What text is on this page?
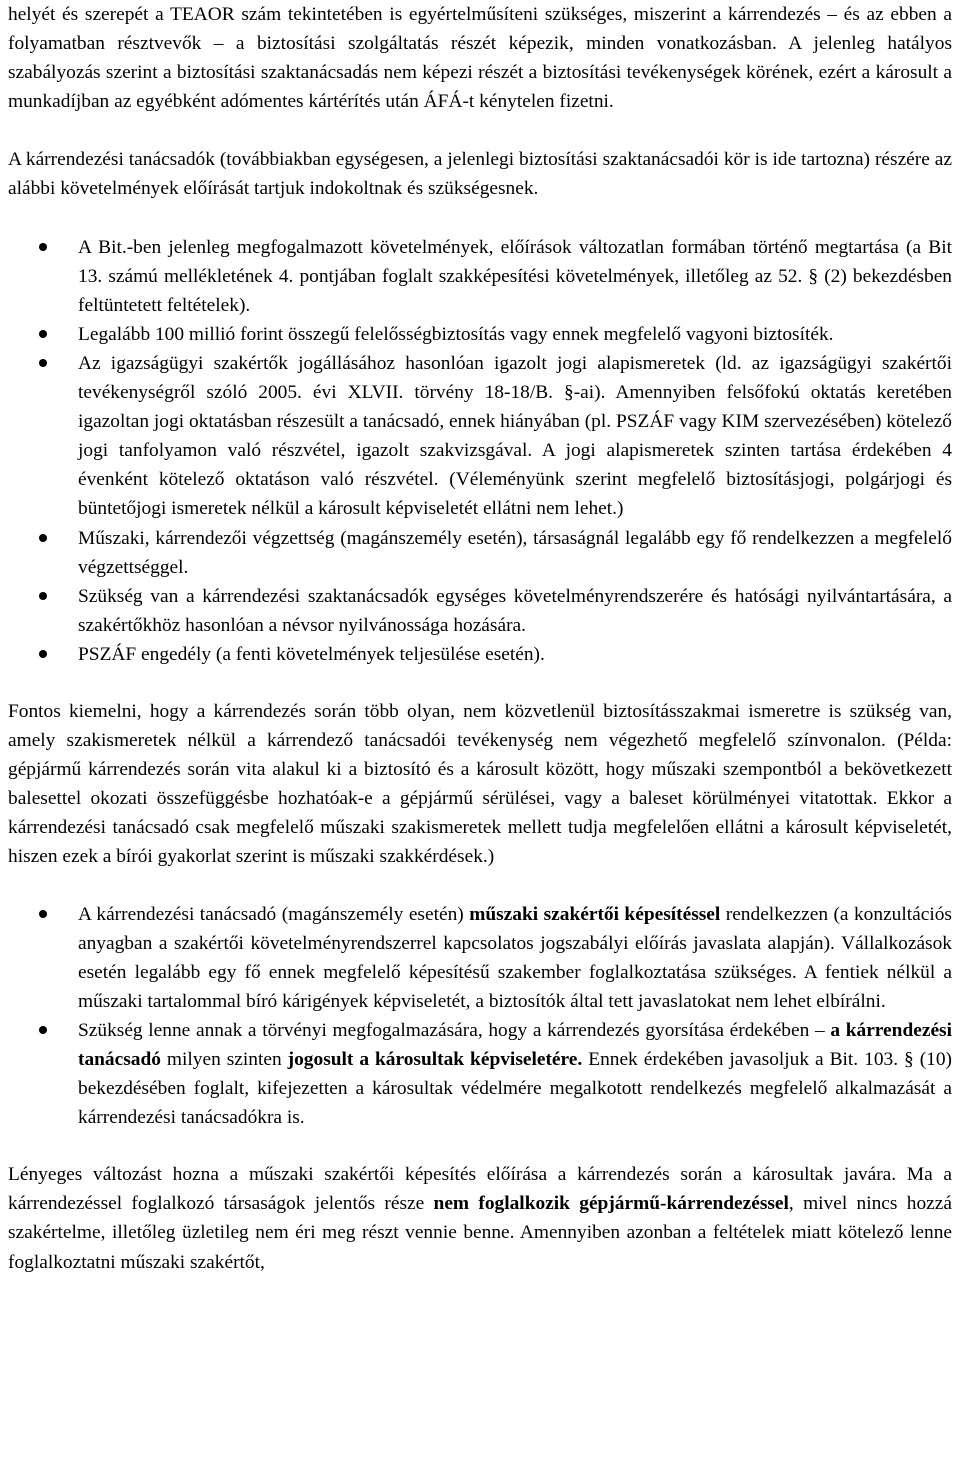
helyét és szerepét a TEAOR szám tekintetében is egyértelműsíteni szükséges, miszerint a kárrendezés – és az ebben a folyamatban résztvevők – a biztosítási szolgáltatás részét képezik, minden vonatkozásban. A jelenleg hatályos szabályozás szerint a biztosítási szaktanácsadás nem képezi részét a biztosítási tevékenységek körének, ezért a károsult a munkadíjban az egyébként adómentes kártérítés után ÁFÁ-t kénytelen fizetni.

A kárrendezési tanácsadók (továbbiakban egységesen, a jelenlegi biztosítási szaktanácsadói kör is ide tartozna) részére az alábbi követelmények előírását tartjuk indokoltnak és szükségesnek.

A Bit.-ben jelenleg megfogalmazott követelmények, előírások változatlan formában történő megtartása (a Bit 13. számú mellékletének 4. pontjában foglalt szakképesítési követelmények, illetőleg az 52. § (2) bekezdésben feltüntetett feltételek).
Legalább 100 millió forint összegű felelősségbiztosítás vagy ennek megfelelő vagyoni biztosíték.
Az igazságügyi szakértők jogállásához hasonlóan igazolt jogi alapismeretek (ld. az igazságügyi szakértői tevékenységről szóló 2005. évi XLVII. törvény 18-18/B. §-ai). Amennyiben felsőfokú oktatás keretében igazoltan jogi oktatásban részesült a tanácsadó, ennek hiányában (pl. PSZÁF vagy KIM szervezésében) kötelező jogi tanfolyamon való részvétel, igazolt szakvizsgával. A jogi alapismeretek szinten tartása érdekében 4 évenként kötelező oktatáson való részvétel. (Véleményünk szerint megfelelő biztosításjogi, polgárjogi és büntetőjogi ismeretek nélkül a károsult képviseletét ellátni nem lehet.)
Műszaki, kárrendezői végzettség (magánszemély esetén), társaságnál legalább egy fő rendelkezzen a megfelelő végzettséggel.
Szükség van a kárrendezési szaktanácsadók egységes követelményrendszerére és hatósági nyilvántartására, a szakértőkhöz hasonlóan a névsor nyilvánossága hozására.
PSZÁF engedély (a fenti követelmények teljesülése esetén).

Fontos kiemelni, hogy a kárrendezés során több olyan, nem közvetlenül biztosításszakmai ismeretre is szükség van, amely szakismeretek nélkül a kárrendező tanácsadói tevékenység nem végezhető megfelelő színvonalon. (Példa: gépjármű kárrendezés során vita alakul ki a biztosító és a károsult között, hogy műszaki szempontból a bekövetkezett balesettel okozati összefüggésbe hozhatóak-e a gépjármű sérülései, vagy a baleset körülményei vitatottak. Ekkor a kárrendezési tanácsadó csak megfelelő műszaki szakismeretek mellett tudja megfelelően ellátni a károsult képviseletét, hiszen ezek a bírói gyakorlat szerint is műszaki szakkérdések.)

A kárrendezési tanácsadó (magánszemély esetén) műszaki szakértői képesítéssel rendelkezzen (a konzultációs anyagban a szakértői követelményrendszerrel kapcsolatos jogszabályi előírás javaslata alapján). Vállalkozások esetén legalább egy fő ennek megfelelő képesítésű szakember foglalkoztatása szükséges. A fentiek nélkül a műszaki tartalommal bíró kárigények képviseletét, a biztosítók által tett javaslatokat nem lehet elbírálni.
Szükség lenne annak a törvényi megfogalmazására, hogy a kárrendezés gyorsítása érdekében – a kárrendezési tanácsadó milyen szinten jogosult a károsultak képviseletére. Ennek érdekében javasoljuk a Bit. 103. § (10) bekezdésében foglalt, kifejezetten a károsultak védelmére megalkotott rendelkezés megfelelő alkalmazását a kárrendezési tanácsadókra is.

Lényeges változást hozna a műszaki szakértői képesítés előírása a kárrendezés során a károsultak javára. Ma a kárrendezéssel foglalkozó társaságok jelentős része nem foglalkozik gépjármű-kárrendezéssel, mivel nincs hozzá szakértelme, illetőleg üzletileg nem éri meg részt vennie benne. Amennyiben azonban a feltételek miatt kötelező lenne foglalkoztatni műszaki szakértőt,
